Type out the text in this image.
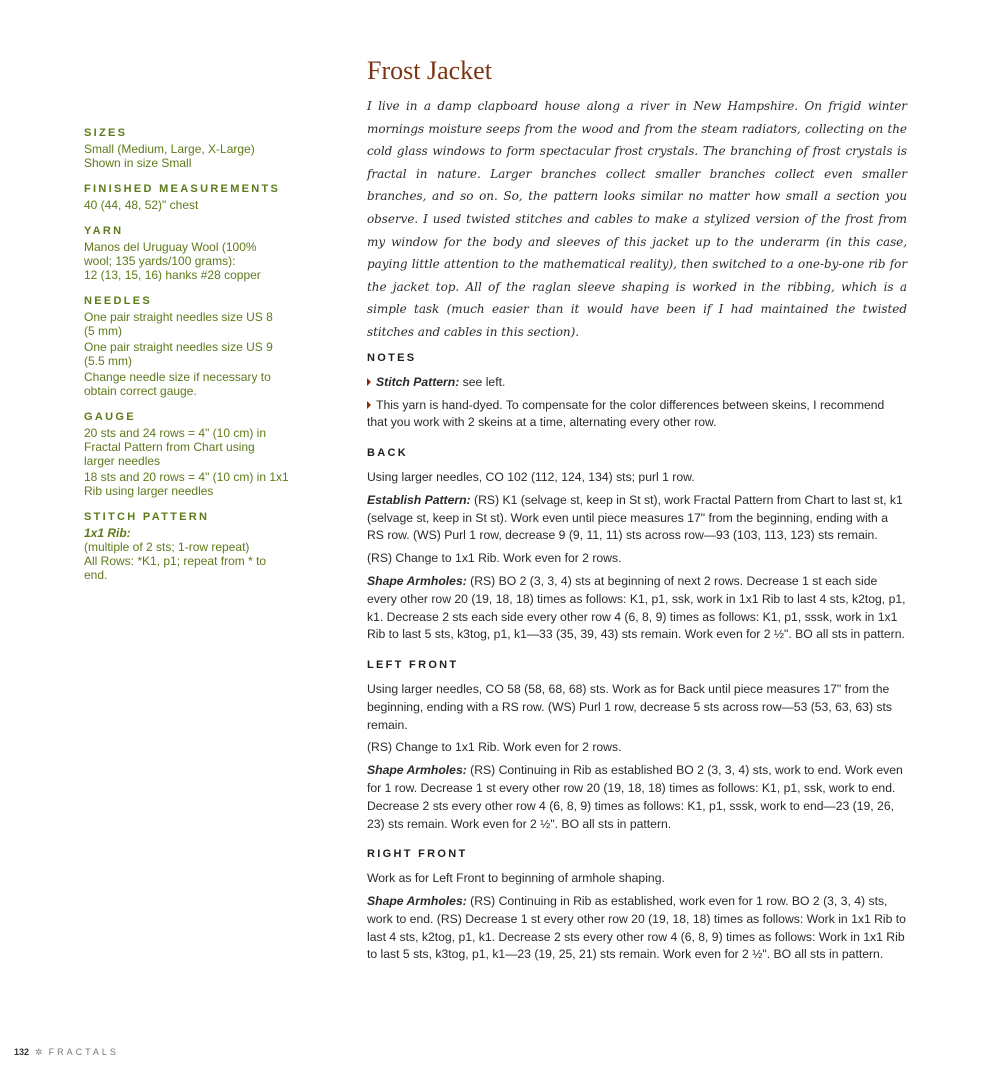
SIZES
Small (Medium, Large, X-Large)
Shown in size Small
FINISHED MEASUREMENTS
40 (44, 48, 52)" chest
YARN
Manos del Uruguay Wool (100%
wool; 135 yards/100 grams):
12 (13, 15, 16) hanks #28 copper
NEEDLES
One pair straight needles size US 8
(5 mm)
One pair straight needles size US 9
(5.5 mm)
Change needle size if necessary to
obtain correct gauge.
GAUGE
20 sts and 24 rows = 4" (10 cm) in
Fractal Pattern from Chart using
larger needles
18 sts and 20 rows = 4" (10 cm) in 1x1
Rib using larger needles
STITCH PATTERN
1x1 Rib:
(multiple of 2 sts; 1-row repeat)
All Rows: *K1, p1; repeat from * to
end.
Frost Jacket

I live in a damp clapboard house along a river in New Hampshire. On frigid winter mornings moisture seeps from the wood and from the steam radiators, collecting on the cold glass windows to form spectacular frost crystals. The branching of frost crystals is fractal in nature. Larger branches collect smaller branches collect even smaller branches, and so on. So, the pattern looks similar no matter how small a section you observe. I used twisted stitches and cables to make a stylized version of the frost from my window for the body and sleeves of this jacket up to the underarm (in this case, paying little attention to the mathematical reality), then switched to a one-by-one rib for the jacket top. All of the raglan sleeve shaping is worked in the ribbing, which is a simple task (much easier than it would have been if I had maintained the twisted stitches and cables in this section).

NOTES

Stitch Pattern: see left.

This yarn is hand-dyed. To compensate for the color differences between skeins, I recommend that you work with 2 skeins at a time, alternating every other row.

BACK

Using larger needles, CO 102 (112, 124, 134) sts; purl 1 row.

Establish Pattern: (RS) K1 (selvage st, keep in St st), work Fractal Pattern from Chart to last st, k1 (selvage st, keep in St st). Work even until piece measures 17" from the beginning, ending with a RS row. (WS) Purl 1 row, decrease 9 (9, 11, 11) sts across row—93 (103, 113, 123) sts remain.

(RS) Change to 1x1 Rib. Work even for 2 rows.

Shape Armholes: (RS) BO 2 (3, 3, 4) sts at beginning of next 2 rows. Decrease 1 st each side every other row 20 (19, 18, 18) times as follows: K1, p1, ssk, work in 1x1 Rib to last 4 sts, k2tog, p1, k1. Decrease 2 sts each side every other row 4 (6, 8, 9) times as follows: K1, p1, sssk, work in 1x1 Rib to last 5 sts, k3tog, p1, k1—33 (35, 39, 43) sts remain. Work even for 2 ½". BO all sts in pattern.

LEFT FRONT

Using larger needles, CO 58 (58, 68, 68) sts. Work as for Back until piece measures 17" from the beginning, ending with a RS row. (WS) Purl 1 row, decrease 5 sts across row—53 (53, 63, 63) sts remain.

(RS) Change to 1x1 Rib. Work even for 2 rows.

Shape Armholes: (RS) Continuing in Rib as established BO 2 (3, 3, 4) sts, work to end. Work even for 1 row. Decrease 1 st every other row 20 (19, 18, 18) times as follows: K1, p1, ssk, work to end. Decrease 2 sts every other row 4 (6, 8, 9) times as follows: K1, p1, sssk, work to end—23 (19, 26, 23) sts remain. Work even for 2 ½". BO all sts in pattern.

RIGHT FRONT

Work as for Left Front to beginning of armhole shaping.

Shape Armholes: (RS) Continuing in Rib as established, work even for 1 row. BO 2 (3, 3, 4) sts, work to end. (RS) Decrease 1 st every other row 20 (19, 18, 18) times as follows: Work in 1x1 Rib to last 4 sts, k2tog, p1, k1. Decrease 2 sts every other row 4 (6, 8, 9) times as follows: Work in 1x1 Rib to last 5 sts, k3tog, p1, k1—23 (19, 25, 21) sts remain. Work even for 2 ½". BO all sts in pattern.

132 ✲ FRACTALS
